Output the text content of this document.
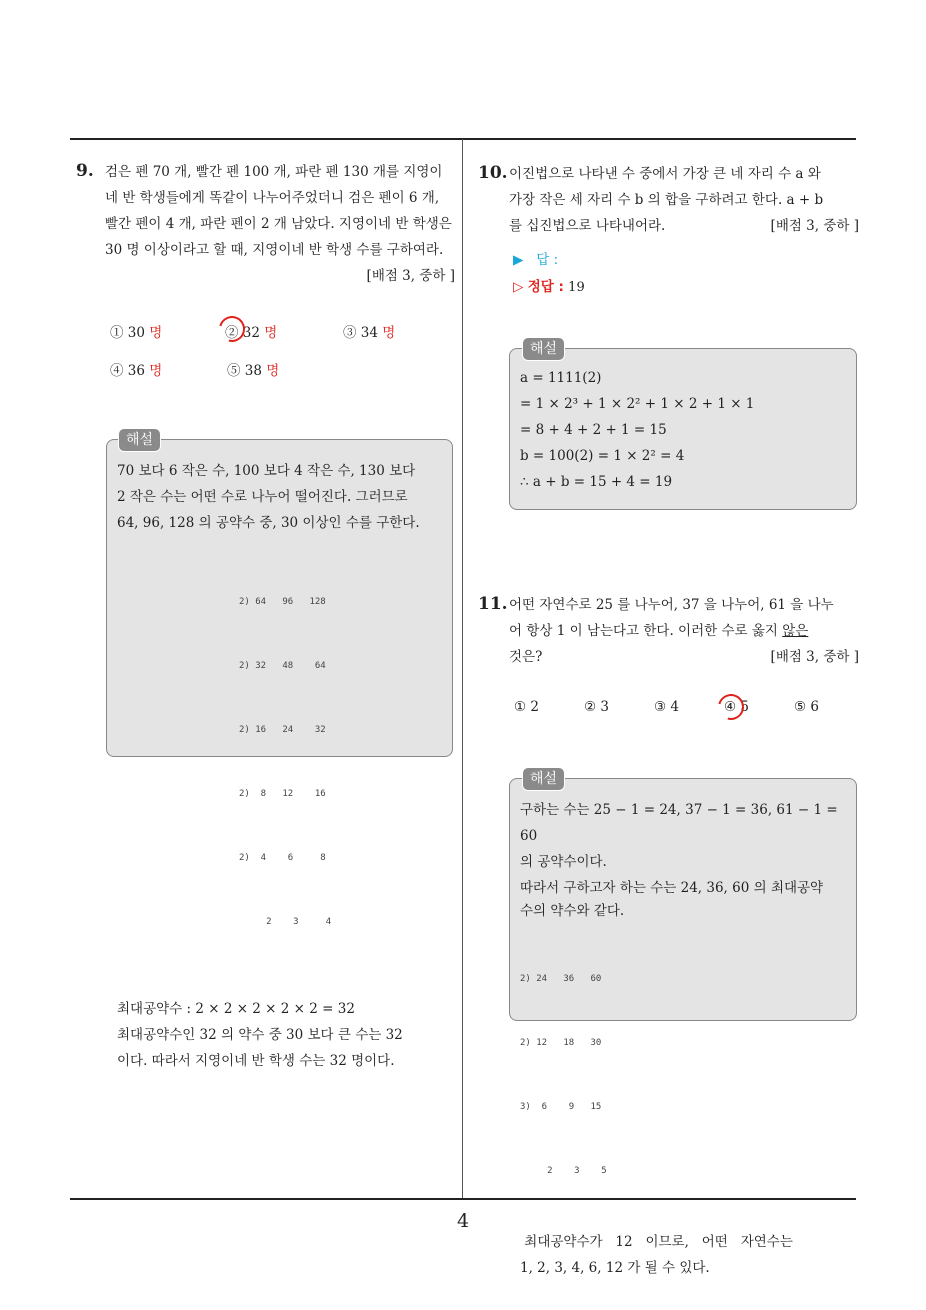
4
9. 검은 펜 70 개, 빨간 펜 100 개, 파란 펜 130 개를 지영이네 반 학생들에게 똑같이 나누어주었더니 검은 펜이 6 개, 빨간 펜이 4 개, 파란 펜이 2 개 남았다. 지영이네 반 학생은 30 명 이상이라고 할 때, 지영이네 반 학생 수를 구하여라.
[배점 3, 중하 ]
① 30 명	② 32 명	③ 34 명
④ 36 명	⑤ 38 명
70 보다 6 작은 수, 100 보다 4 작은 수, 130 보다
2 작은 수는 어떤 수로 나누어 떨어진다. 그러므로
64, 96, 128 의 공약수 중, 30 이상인 수를 구한다.

2) 64   96   128

2) 32   48    64

2) 16   24    32

2)  8   12    16

2)  4    6     8

2    3     4

최대공약수 : 2 × 2 × 2 × 2 × 2 = 32
최대공약수인 32 의 약수 중 30 보다 큰 수는 32
이다. 따라서 지영이네 반 학생 수는 32 명이다.
해설
10. 이진법으로 나타낸 수 중에서 가장 큰 네 자리 수 a 와
가장 작은 세 자리 수 b 의 합을 구하려고 한다. a + b
를 십진법으로 나타내어라.	[배점 3, 중하 ]
▶ 답 :
▷ 정답 : 19
a = 1111(2)
= 1 × 2³ + 1 × 2² + 1 × 2 + 1 × 1
= 8 + 4 + 2 + 1 = 15
b = 100(2) = 1 × 2² = 4
∴ a + b = 15 + 4 = 19
해설
11. 어떤 자연수로 25 를 나누어, 37 을 나누어, 61 을 나누
어 항상 1 이 남는다고 한다. 이러한 수로 옳지 않은
것은?	[배점 3, 중하 ]
① 2	② 3	③ 4	④ 5	⑤ 6
구하는 수는 25 − 1 = 24, 37 − 1 = 36, 61 − 1 = 60
의 공약수이다.
따라서 구하고자 하는 수는 24, 36, 60 의 최대공약
수의 약수와 같다.

2) 24   36   60

2) 12   18   30

3)  6    9   15

2    3    5

최대공약수가   12   이므로,   어떤   자연수는
1, 2, 3, 4, 6, 12 가 될 수 있다.
해설
